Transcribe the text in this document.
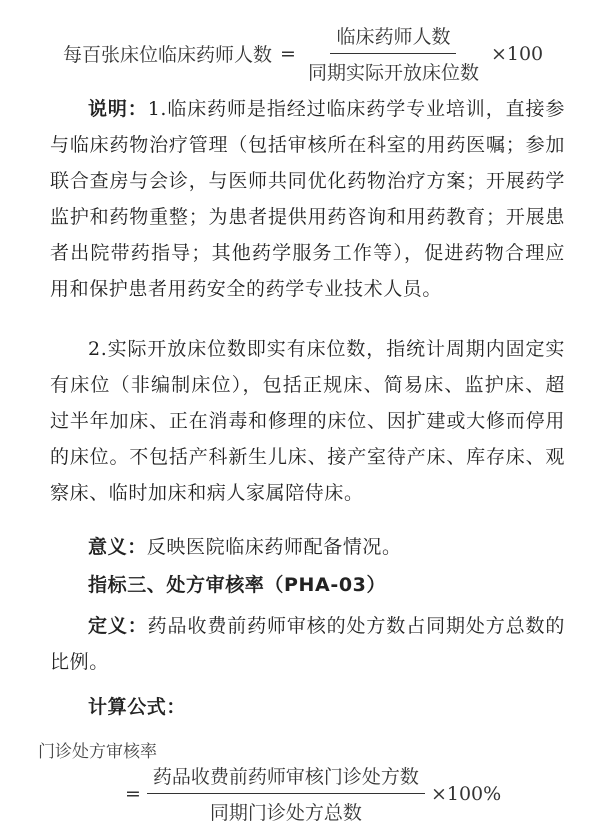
每百张床位临床药师人数 = $\frac{\text{临床药师人数}}{\text{同期实际开放床位数}} \times 100$

说明：1.临床药师是指经过临床药学专业培训，直接参与临床药物治疗管理（包括审核所在科室的用药医嘱；参加联合查房与会诊，与医师共同优化药物治疗方案；开展药学监护和药物重整；为患者提供用药咨询和用药教育；开展患者出院带药指导；其他药学服务工作等），促进药物合理应用和保护患者用药安全的药学专业技术人员。

2.实际开放床位数即实有床位数，指统计周期内固定实有床位（非编制床位），包括正规床、简易床、监护床、超过半年加床、正在消毒和修理的床位、因扩建或大修而停用的床位。不包括产科新生儿床、接产室待产床、库存床、观察床、临时加床和病人家属陪侍床。

意义：反映医院临床药师配备情况。

指标三、处方审核率（PHA-03）

定义：药品收费前药师审核的处方数占同期处方总数的比例。

计算公式：

门诊处方审核率
= $\frac{\text{药品收费前药师审核门诊处方数}}{\text{同期门诊处方总数}} \times 100\%$
